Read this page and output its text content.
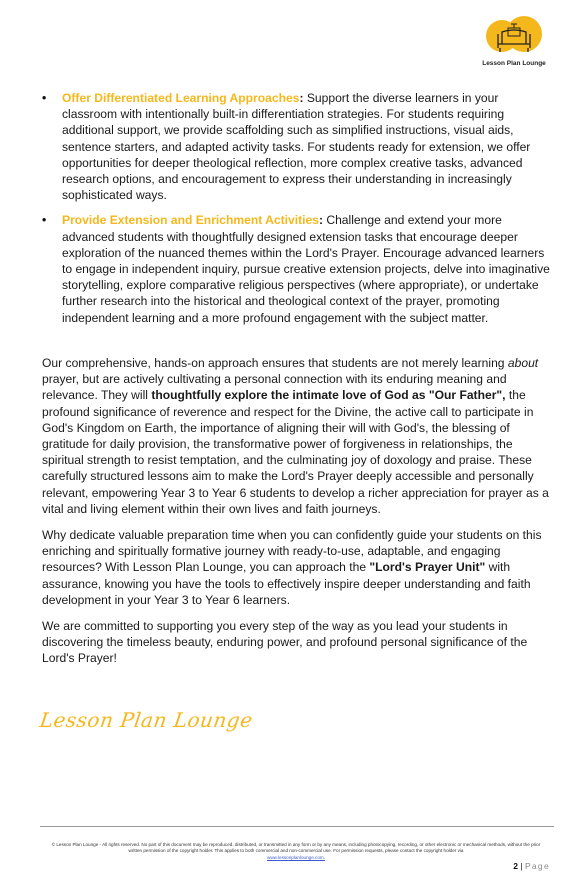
Lesson Plan Lounge
• Offer Differentiated Learning Approaches: Support the diverse learners in your classroom with intentionally built-in differentiation strategies. For students requiring additional support, we provide scaffolding such as simplified instructions, visual aids, sentence starters, and adapted activity tasks. For students ready for extension, we offer opportunities for deeper theological reflection, more complex creative tasks, advanced research options, and encouragement to express their understanding in increasingly sophisticated ways.
• Provide Extension and Enrichment Activities: Challenge and extend your more advanced students with thoughtfully designed extension tasks that encourage deeper exploration of the nuanced themes within the Lord's Prayer. Encourage advanced learners to engage in independent inquiry, pursue creative extension projects, delve into imaginative storytelling, explore comparative religious perspectives (where appropriate), or undertake further research into the historical and theological context of the prayer, promoting independent learning and a more profound engagement with the subject matter.

Our comprehensive, hands-on approach ensures that students are not merely learning about prayer, but are actively cultivating a personal connection with its enduring meaning and relevance. They will thoughtfully explore the intimate love of God as "Our Father", the profound significance of reverence and respect for the Divine, the active call to participate in God's Kingdom on Earth, the importance of aligning their will with God's, the blessing of gratitude for daily provision, the transformative power of forgiveness in relationships, the spiritual strength to resist temptation, and the culminating joy of doxology and praise. These carefully structured lessons aim to make the Lord's Prayer deeply accessible and personally relevant, empowering Year 3 to Year 6 students to develop a richer appreciation for prayer as a vital and living element within their own lives and faith journeys.

Why dedicate valuable preparation time when you can confidently guide your students on this enriching and spiritually formative journey with ready-to-use, adaptable, and engaging resources? With Lesson Plan Lounge, you can approach the "Lord's Prayer Unit" with assurance, knowing you have the tools to effectively inspire deeper understanding and faith development in your Year 3 to Year 6 learners.

We are committed to supporting you every step of the way as you lead your students in discovering the timeless beauty, enduring power, and profound personal significance of the Lord's Prayer!

Lesson Plan Lounge
© Lesson Plan Lounge - All rights reserved. No part of this document may be reproduced, distributed, or transmitted in any form or by any means, including photocopying, recording, or other electronic or mechanical methods, without the prior written permission of the copyright holder. This applies to both commercial and non-commercial use. For permission requests, please contact the copyright holder via
www.lessonplanlounge.com.
2 | Page
